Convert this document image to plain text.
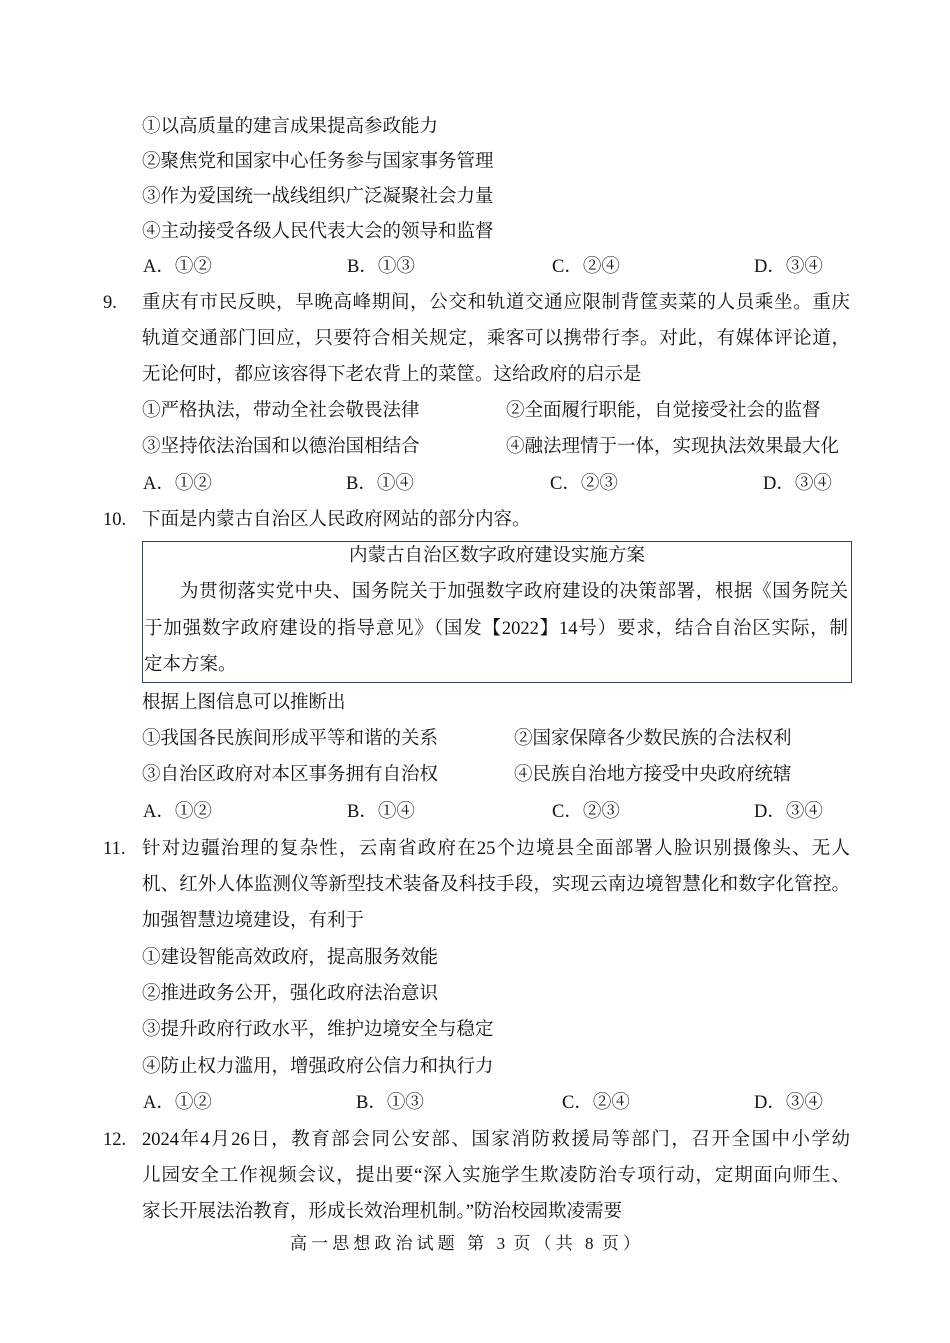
①以高质量的建言成果提高参政能力
②聚焦党和国家中心任务参与国家事务管理
③作为爱国统一战线组织广泛凝聚社会力量
④主动接受各级人民代表大会的领导和监督
A．①②	B．①③	C．②④	D．③④
9. 重庆有市民反映，早晚高峰期间，公交和轨道交通应限制背筐卖菜的人员乘坐。重庆
轨道交通部门回应，只要符合相关规定，乘客可以携带行李。对此，有媒体评论道，
无论何时，都应该容得下老农背上的菜筐。这给政府的启示是
①严格执法，带动全社会敬畏法律	②全面履行职能，自觉接受社会的监督
③坚持依法治国和以德治国相结合	④融法理情于一体，实现执法效果最大化
A．①②	B．①④	C．②③	D．③④
10. 下面是内蒙古自治区人民政府网站的部分内容。
内蒙古自治区数字政府建设实施方案
为贯彻落实党中央、国务院关于加强数字政府建设的决策部署，根据《国务院关
于加强数字政府建设的指导意见》（国发【2022】14号）要求，结合自治区实际，制
定本方案。
根据上图信息可以推断出
①我国各民族间形成平等和谐的关系	②国家保障各少数民族的合法权利
③自治区政府对本区事务拥有自治权	④民族自治地方接受中央政府统辖
A．①②	B．①④	C．②③	D．③④
11. 针对边疆治理的复杂性，云南省政府在25个边境县全面部署人脸识别摄像头、无人
机、红外人体监测仪等新型技术装备及科技手段，实现云南边境智慧化和数字化管控。
加强智慧边境建设，有利于
①建设智能高效政府，提高服务效能
②推进政务公开，强化政府法治意识
③提升政府行政水平，维护边境安全与稳定
④防止权力滥用，增强政府公信力和执行力
A．①②	B．①③	C．②④	D．③④
12. 2024年4月26日，教育部会同公安部、国家消防救援局等部门，召开全国中小学幼
儿园安全工作视频会议，提出要“深入实施学生欺凌防治专项行动，定期面向师生、
家长开展法治教育，形成长效治理机制。”防治校园欺凌需要
高一思想政治试题 第 3 页（共 8 页）
